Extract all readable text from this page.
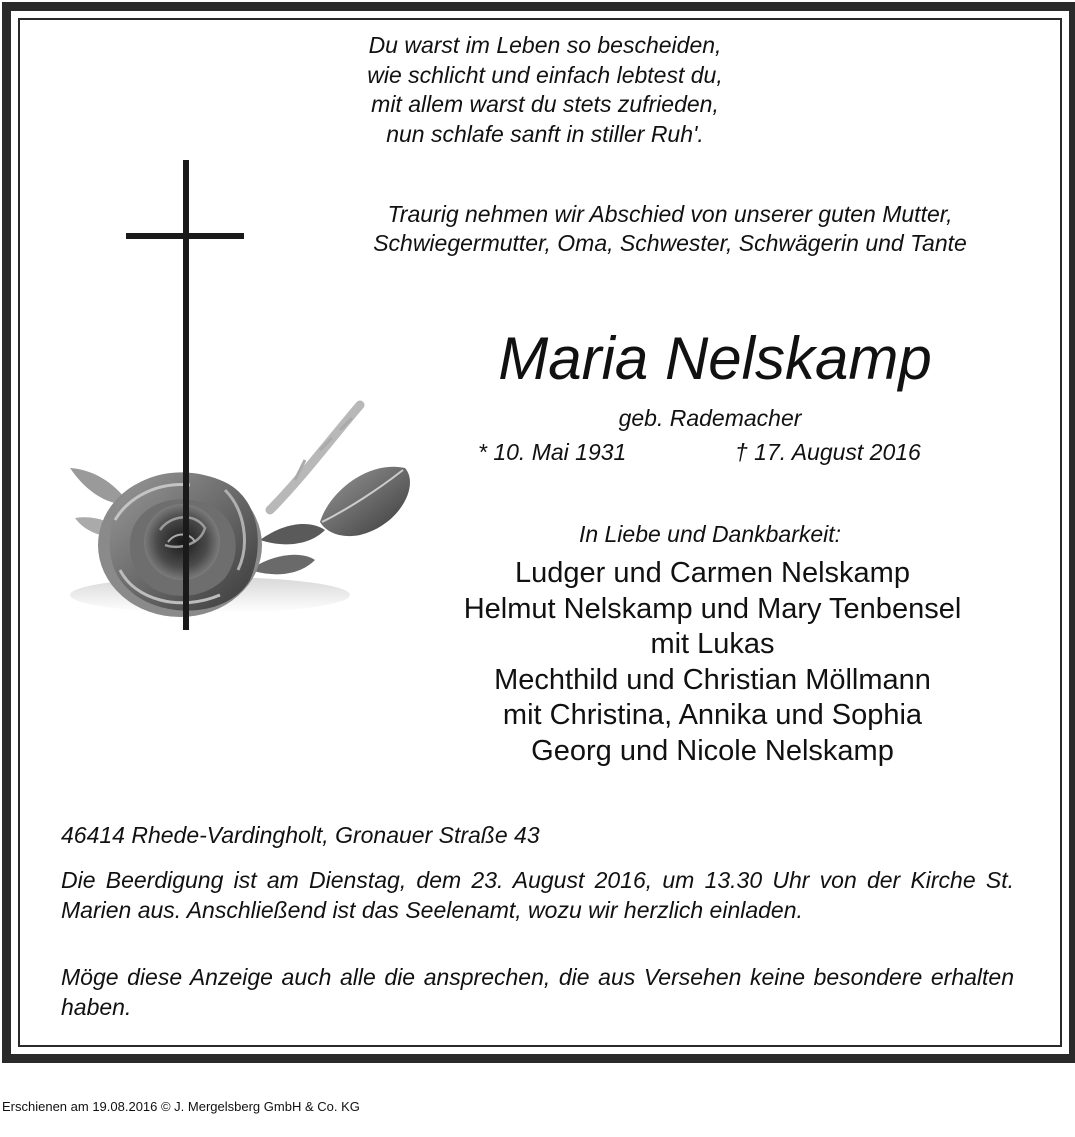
Du warst im Leben so bescheiden,
wie schlicht und einfach lebtest du,
mit allem warst du stets zufrieden,
nun schlafe sanft in stiller Ruh'.
Traurig nehmen wir Abschied von unserer guten Mutter,
Schwiegermutter, Oma, Schwester, Schwägerin und Tante
Maria Nelskamp
geb. Rademacher
* 10. Mai 1931	† 17. August 2016
In Liebe und Dankbarkeit:
Ludger und Carmen Nelskamp
Helmut Nelskamp und Mary Tenbensel
mit Lukas
Mechthild und Christian Möllmann
mit Christina, Annika und Sophia
Georg und Nicole Nelskamp
46414 Rhede-Vardingholt, Gronauer Straße 43
Die Beerdigung ist am Dienstag, dem 23. August 2016, um 13.30 Uhr von der Kirche St. Marien aus. Anschließend ist das Seelenamt, wozu wir herzlich einladen.
Möge diese Anzeige auch alle die ansprechen, die aus Versehen keine besondere erhalten haben.
Erschienen am 19.08.2016 © J. Mergelsberg GmbH & Co. KG
